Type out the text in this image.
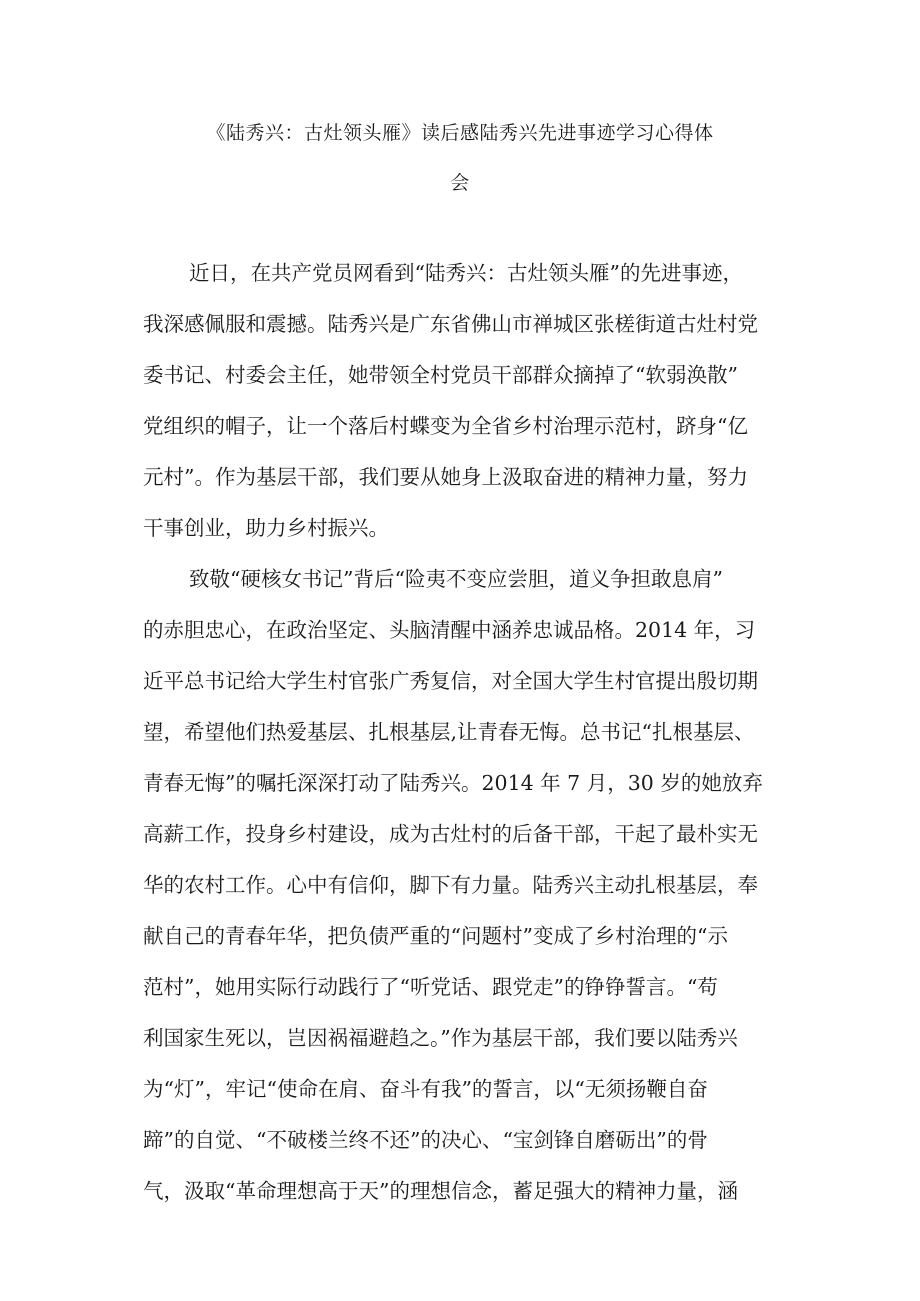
《陆秀兴：古灶领头雁》读后感陆秀兴先进事迹学习心得体
会
近日，在共产党员网看到“陆秀兴：古灶领头雁”的先进事迹，
我深感佩服和震撼。陆秀兴是广东省佛山市禅城区张槎街道古灶村党
委书记、村委会主任，她带领全村党员干部群众摘掉了“软弱涣散”
党组织的帽子，让一个落后村蝶变为全省乡村治理示范村，跻身“亿
元村”。作为基层干部，我们要从她身上汲取奋进的精神力量，努力
干事创业，助力乡村振兴。
致敬“硬核女书记”背后“险夷不变应尝胆，道义争担敢息肩”
的赤胆忠心，在政治坚定、头脑清醒中涵养忠诚品格。2014 年，习
近平总书记给大学生村官张广秀复信，对全国大学生村官提出殷切期
望，希望他们热爱基层、扎根基层,让青春无悔。总书记“扎根基层、
青春无悔”的嘱托深深打动了陆秀兴。2014 年 7 月，30 岁的她放弃
高薪工作，投身乡村建设，成为古灶村的后备干部，干起了最朴实无
华的农村工作。心中有信仰，脚下有力量。陆秀兴主动扎根基层，奉
献自己的青春年华，把负债严重的“问题村”变成了乡村治理的“示
范村”，她用实际行动践行了“听党话、跟党走”的铮铮誓言。“苟
利国家生死以，岂因祸福避趋之。”作为基层干部，我们要以陆秀兴
为“灯”，牢记“使命在肩、奋斗有我”的誓言，以“无须扬鞭自奋
蹄”的自觉、“不破楼兰终不还”的决心、“宝剑锋自磨砺出”的骨
气，汲取“革命理想高于天”的理想信念，蓄足强大的精神力量，涵
